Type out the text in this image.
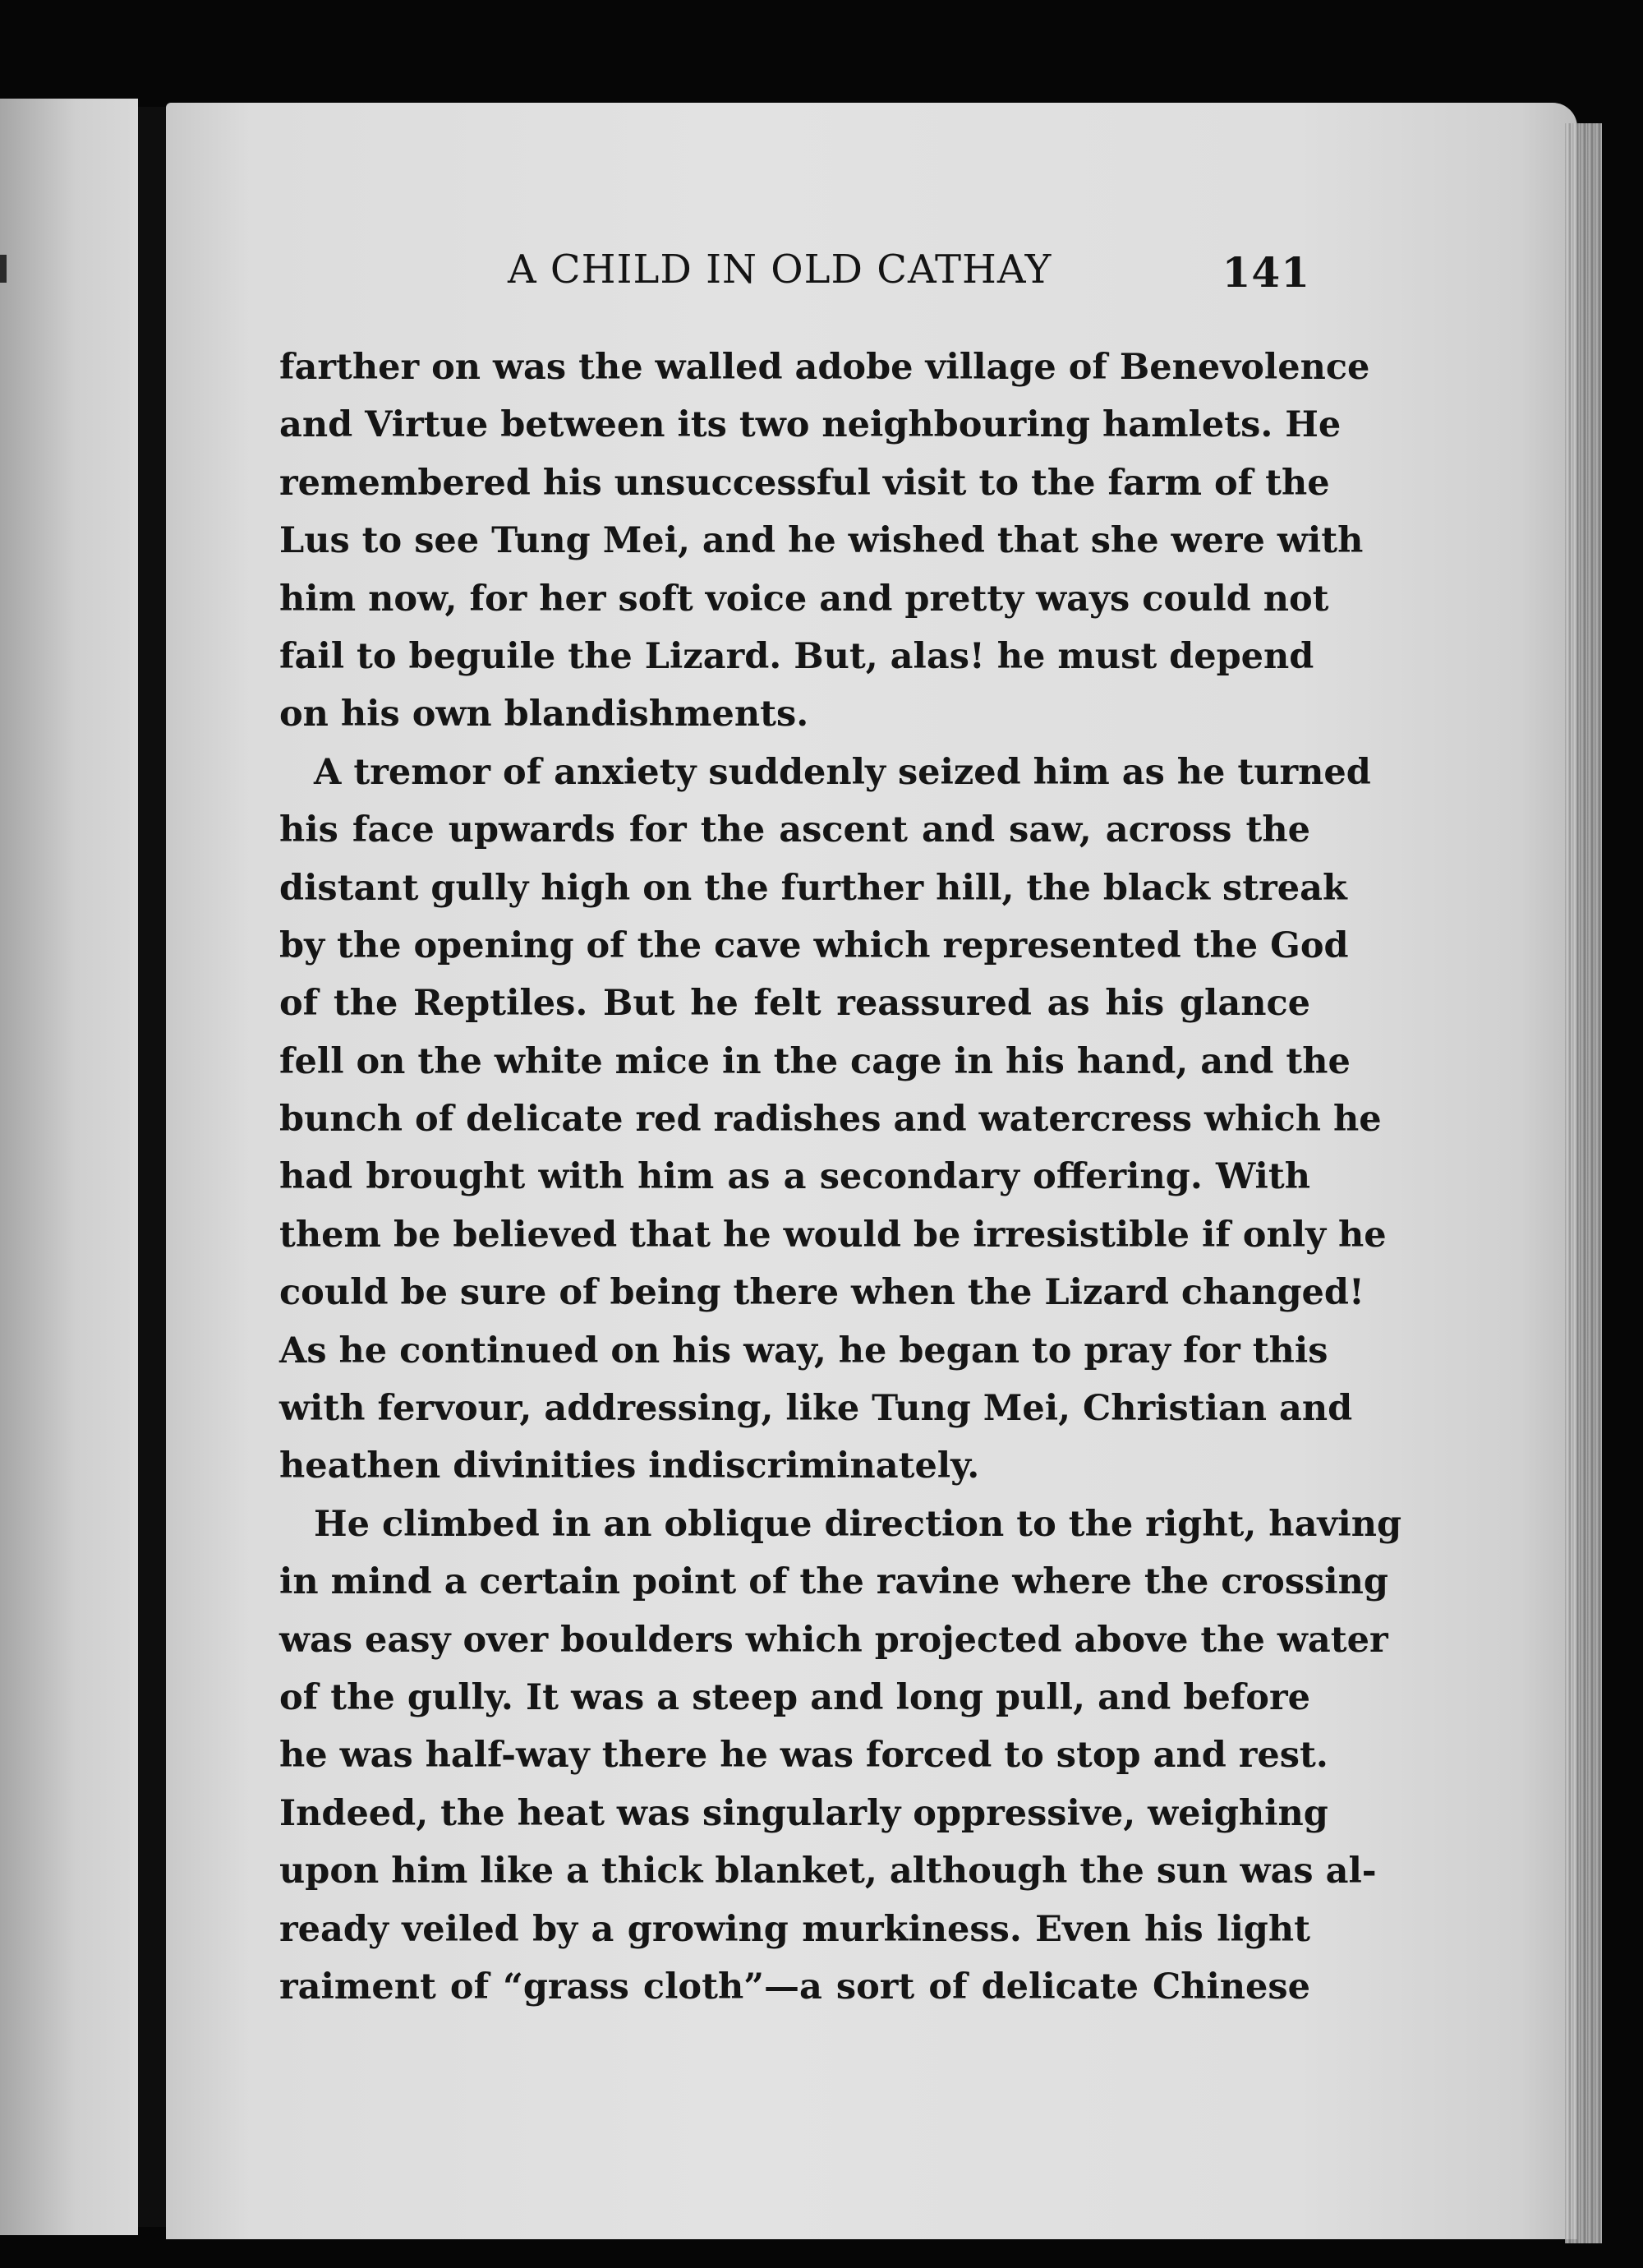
A CHILD IN OLD CATHAY	141
farther on was the walled adobe village of Benevolence
and Virtue between its two neighbouring hamlets. He
remembered his unsuccessful visit to the farm of the
Lus to see Tung Mei, and he wished that she were with
him now, for her soft voice and pretty ways could not
fail to beguile the Lizard. But, alas! he must depend
on his own blandishments.
A tremor of anxiety suddenly seized him as he turned
his face upwards for the ascent and saw, across the
distant gully high on the further hill, the black streak
by the opening of the cave which represented the God
of the Reptiles. But he felt reassured as his glance
fell on the white mice in the cage in his hand, and the
bunch of delicate red radishes and watercress which he
had brought with him as a secondary offering. With
them be believed that he would be irresistible if only he
could be sure of being there when the Lizard changed!
As he continued on his way, he began to pray for this
with fervour, addressing, like Tung Mei, Christian and
heathen divinities indiscriminately.
He climbed in an oblique direction to the right, having
in mind a certain point of the ravine where the crossing
was easy over boulders which projected above the water
of the gully. It was a steep and long pull, and before
he was half-way there he was forced to stop and rest.
Indeed, the heat was singularly oppressive, weighing
upon him like a thick blanket, although the sun was al-
ready veiled by a growing murkiness. Even his light
raiment of “grass cloth”—a sort of delicate Chinese
